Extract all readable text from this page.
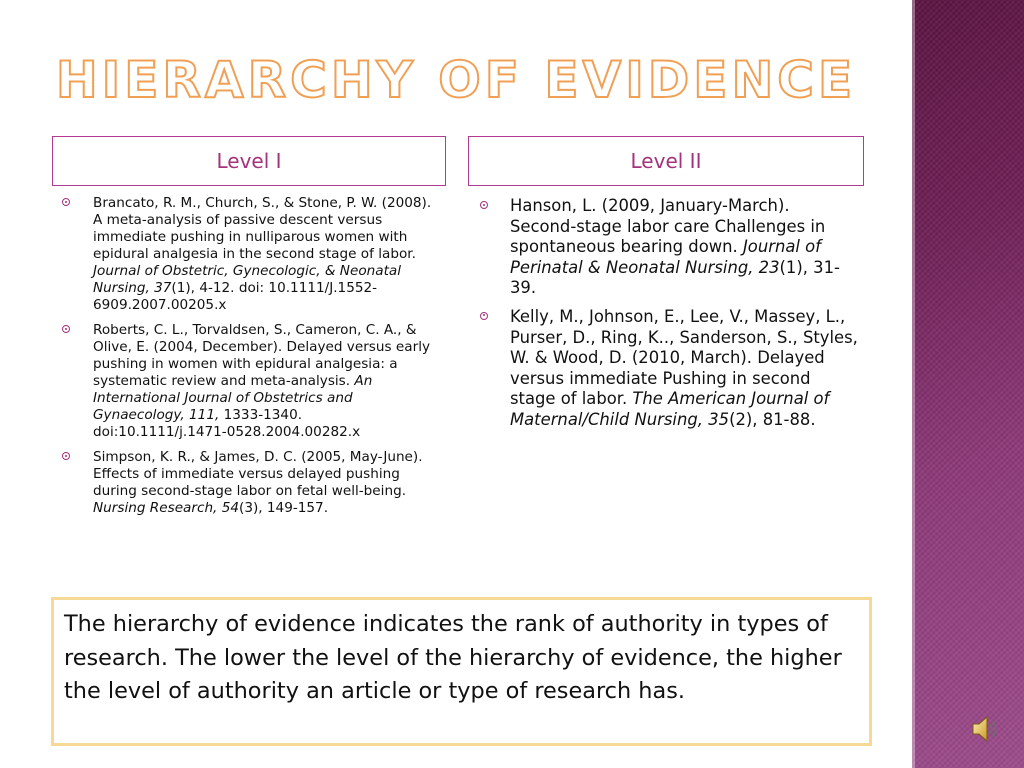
HIERARCHY OF EVIDENCE
Level I	Level II
Brancato, R. M., Church, S., & Stone, P. W. (2008). A meta-analysis of passive descent versus immediate pushing in nulliparous women with epidural analgesia in the second stage of labor. Journal of Obstetric, Gynecologic, & Neonatal Nursing, 37(1), 4-12. doi: 10.1111/J.1552-6909.2007.00205.x
Roberts, C. L., Torvaldsen, S., Cameron, C. A., & Olive, E. (2004, December). Delayed versus early pushing in women with epidural analgesia: a systematic review and meta-analysis. An International Journal of Obstetrics and Gynaecology, 111, 1333-1340. doi:10.1111/j.1471-0528.2004.00282.x
Simpson, K. R., & James, D. C. (2005, May-June). Effects of immediate versus delayed pushing during second-stage labor on fetal well-being. Nursing Research, 54(3), 149-157.
Hanson, L. (2009, January-March). Second-stage labor care Challenges in spontaneous bearing down. Journal of Perinatal & Neonatal Nursing, 23(1), 31-39.
Kelly, M., Johnson, E., Lee, V., Massey, L., Purser, D., Ring, K.., Sanderson, S., Styles, W. & Wood, D. (2010, March). Delayed versus immediate Pushing in second stage of labor. The American Journal of Maternal/Child Nursing, 35(2), 81-88.
The hierarchy of evidence indicates the rank of authority in types of research. The lower the level of the hierarchy of evidence, the higher the level of authority an article or type of research has.
